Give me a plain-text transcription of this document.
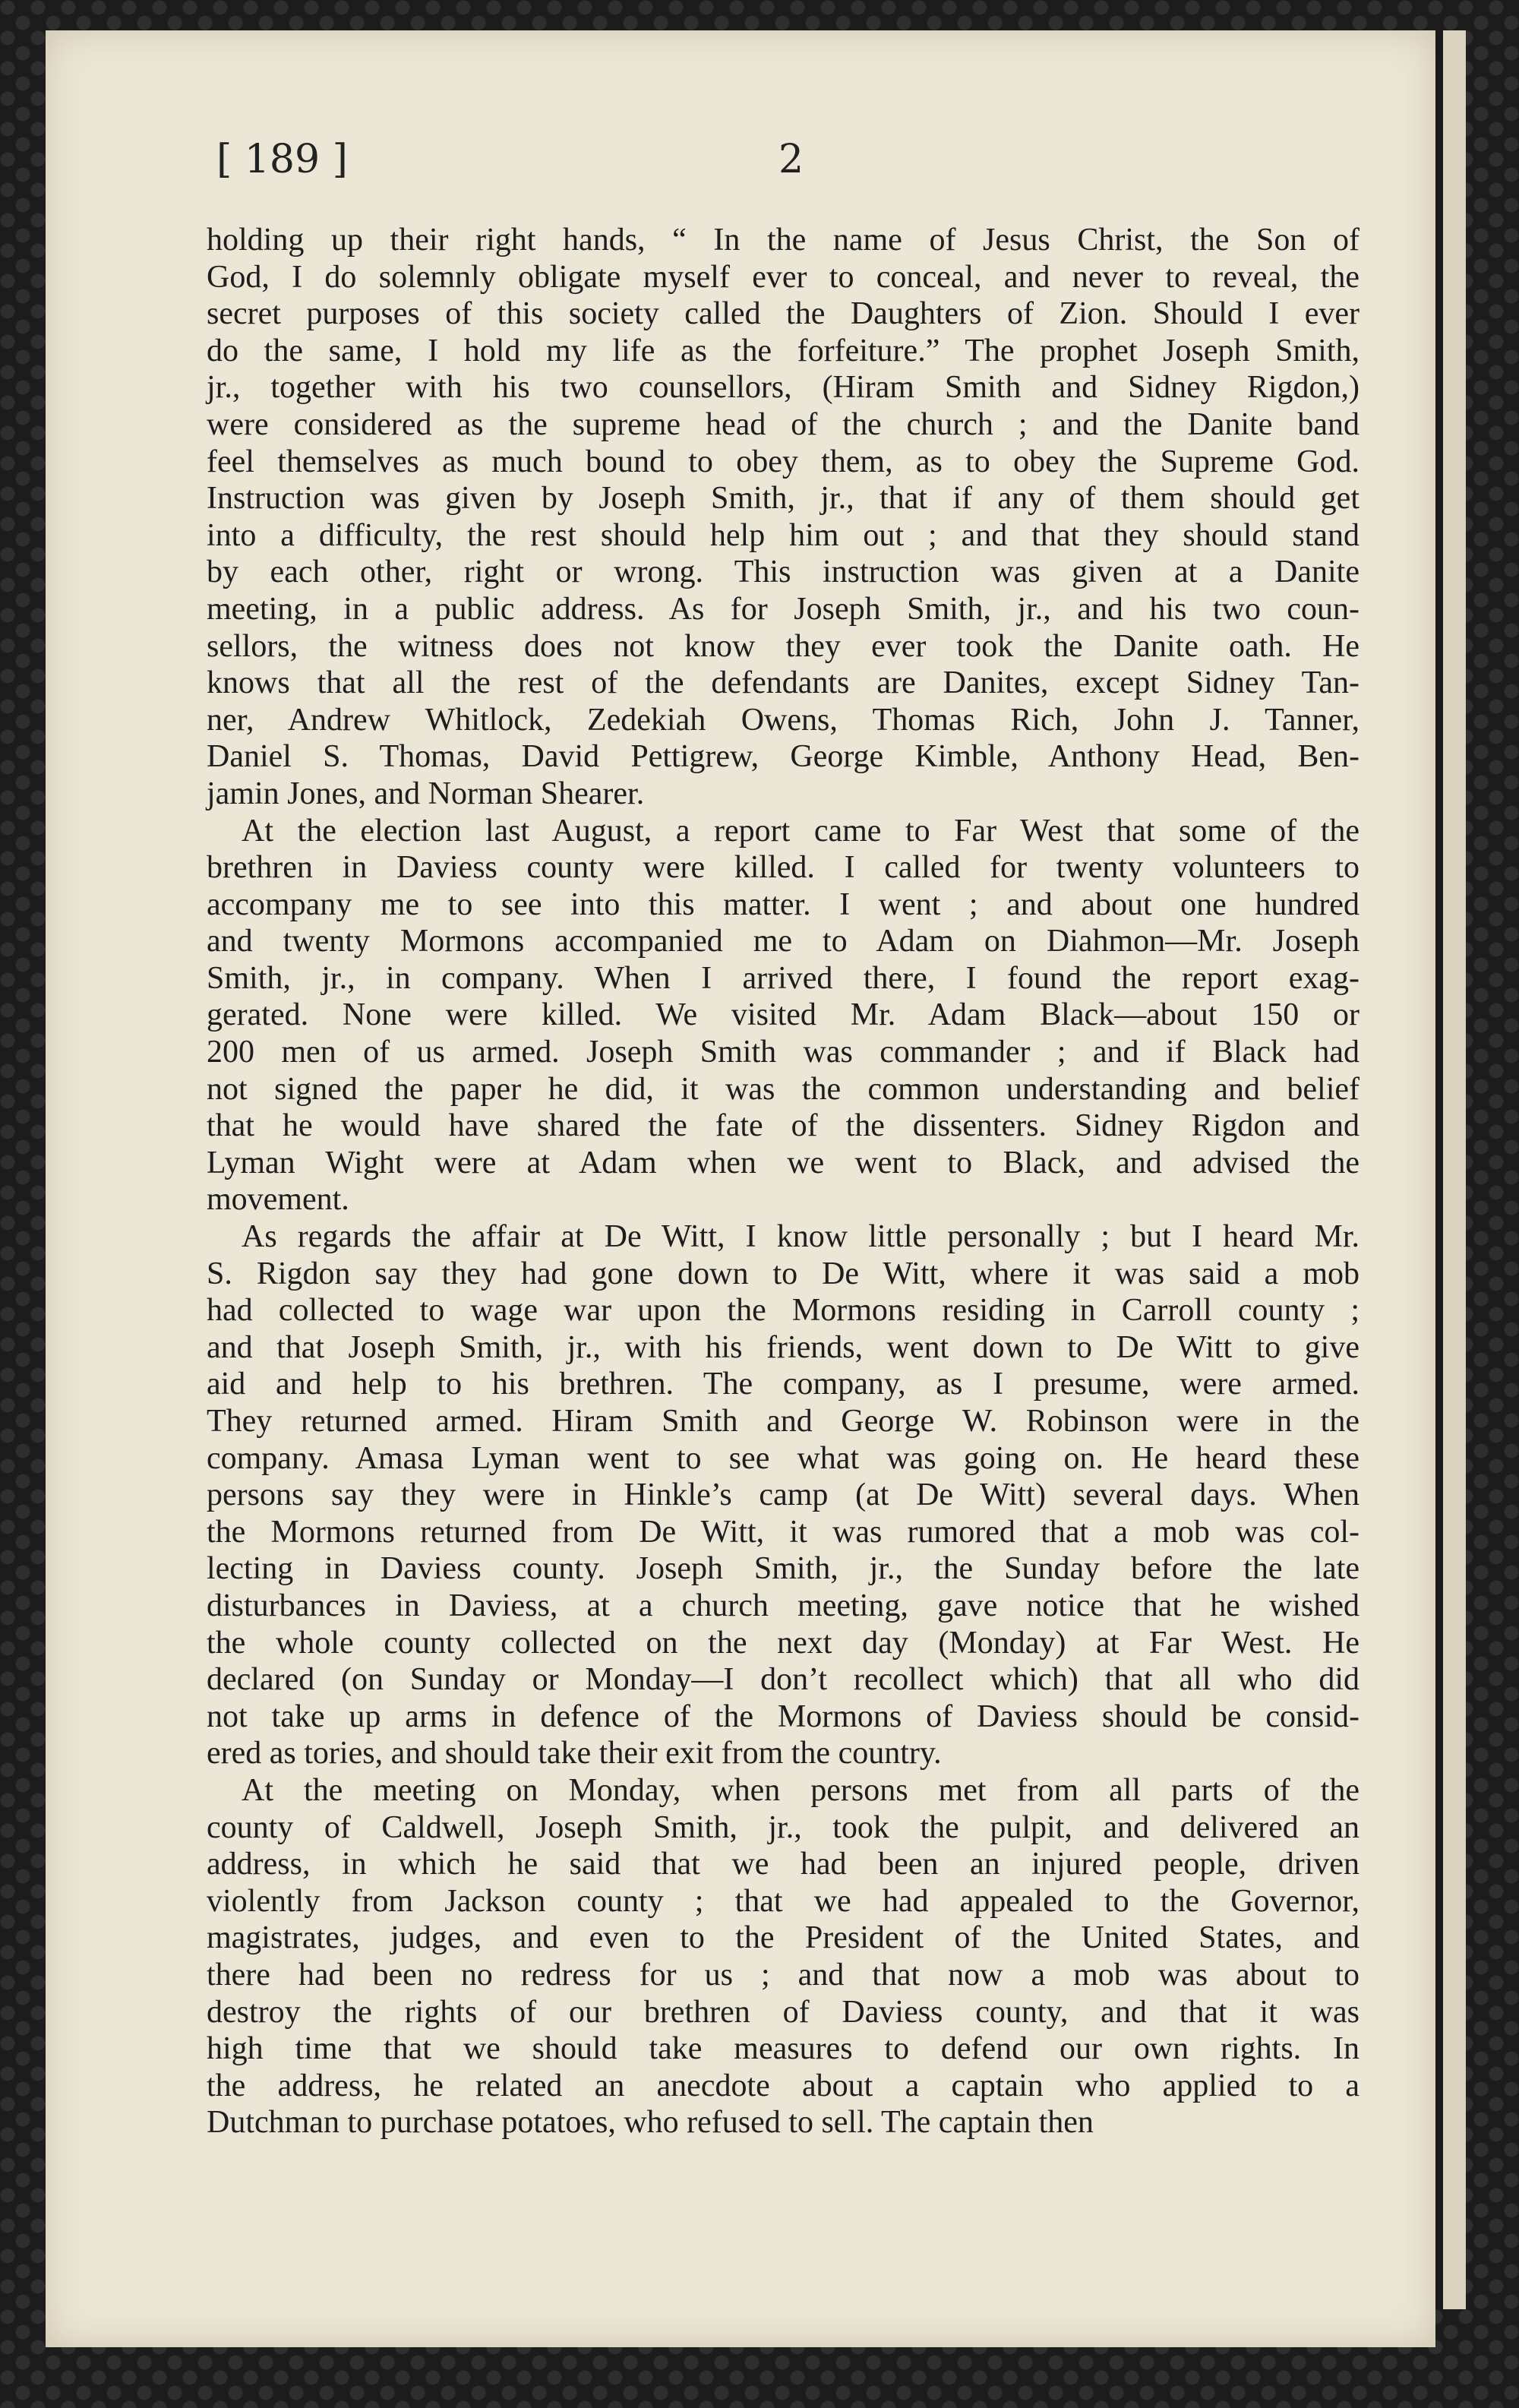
[ 189 ]	2
holding up their right hands, “ In the name of Jesus Christ, the Son of
God, I do solemnly obligate myself ever to conceal, and never to reveal, the
secret purposes of this society called the Daughters of Zion. Should I ever
do the same, I hold my life as the forfeiture.” The prophet Joseph Smith,
jr., together with his two counsellors, (Hiram Smith and Sidney Rigdon,)
were considered as the supreme head of the church ; and the Danite band
feel themselves as much bound to obey them, as to obey the Supreme God.
Instruction was given by Joseph Smith, jr., that if any of them should get
into a difficulty, the rest should help him out ; and that they should stand
by each other, right or wrong. This instruction was given at a Danite
meeting, in a public address. As for Joseph Smith, jr., and his two coun-
sellors, the witness does not know they ever took the Danite oath. He
knows that all the rest of the defendants are Danites, except Sidney Tan-
ner, Andrew Whitlock, Zedekiah Owens, Thomas Rich, John J. Tanner,
Daniel S. Thomas, David Pettigrew, George Kimble, Anthony Head, Ben-
jamin Jones, and Norman Shearer.
At the election last August, a report came to Far West that some of the
brethren in Daviess county were killed. I called for twenty volunteers to
accompany me to see into this matter. I went ; and about one hundred
and twenty Mormons accompanied me to Adam on Diahmon—Mr. Joseph
Smith, jr., in company. When I arrived there, I found the report exag-
gerated. None were killed. We visited Mr. Adam Black—about 150 or
200 men of us armed. Joseph Smith was commander ; and if Black had
not signed the paper he did, it was the common understanding and belief
that he would have shared the fate of the dissenters. Sidney Rigdon and
Lyman Wight were at Adam when we went to Black, and advised the
movement.
As regards the affair at De Witt, I know little personally ; but I heard Mr.
S. Rigdon say they had gone down to De Witt, where it was said a mob
had collected to wage war upon the Mormons residing in Carroll county ;
and that Joseph Smith, jr., with his friends, went down to De Witt to give
aid and help to his brethren. The company, as I presume, were armed.
They returned armed. Hiram Smith and George W. Robinson were in the
company. Amasa Lyman went to see what was going on. He heard these
persons say they were in Hinkle’s camp (at De Witt) several days. When
the Mormons returned from De Witt, it was rumored that a mob was col-
lecting in Daviess county. Joseph Smith, jr., the Sunday before the late
disturbances in Daviess, at a church meeting, gave notice that he wished
the whole county collected on the next day (Monday) at Far West. He
declared (on Sunday or Monday—I don’t recollect which) that all who did
not take up arms in defence of the Mormons of Daviess should be consid-
ered as tories, and should take their exit from the country.
At the meeting on Monday, when persons met from all parts of the
county of Caldwell, Joseph Smith, jr., took the pulpit, and delivered an
address, in which he said that we had been an injured people, driven
violently from Jackson county ; that we had appealed to the Governor,
magistrates, judges, and even to the President of the United States, and
there had been no redress for us ; and that now a mob was about to
destroy the rights of our brethren of Daviess county, and that it was
high time that we should take measures to defend our own rights. In
the address, he related an anecdote about a captain who applied to a
Dutchman to purchase potatoes, who refused to sell. The captain then
